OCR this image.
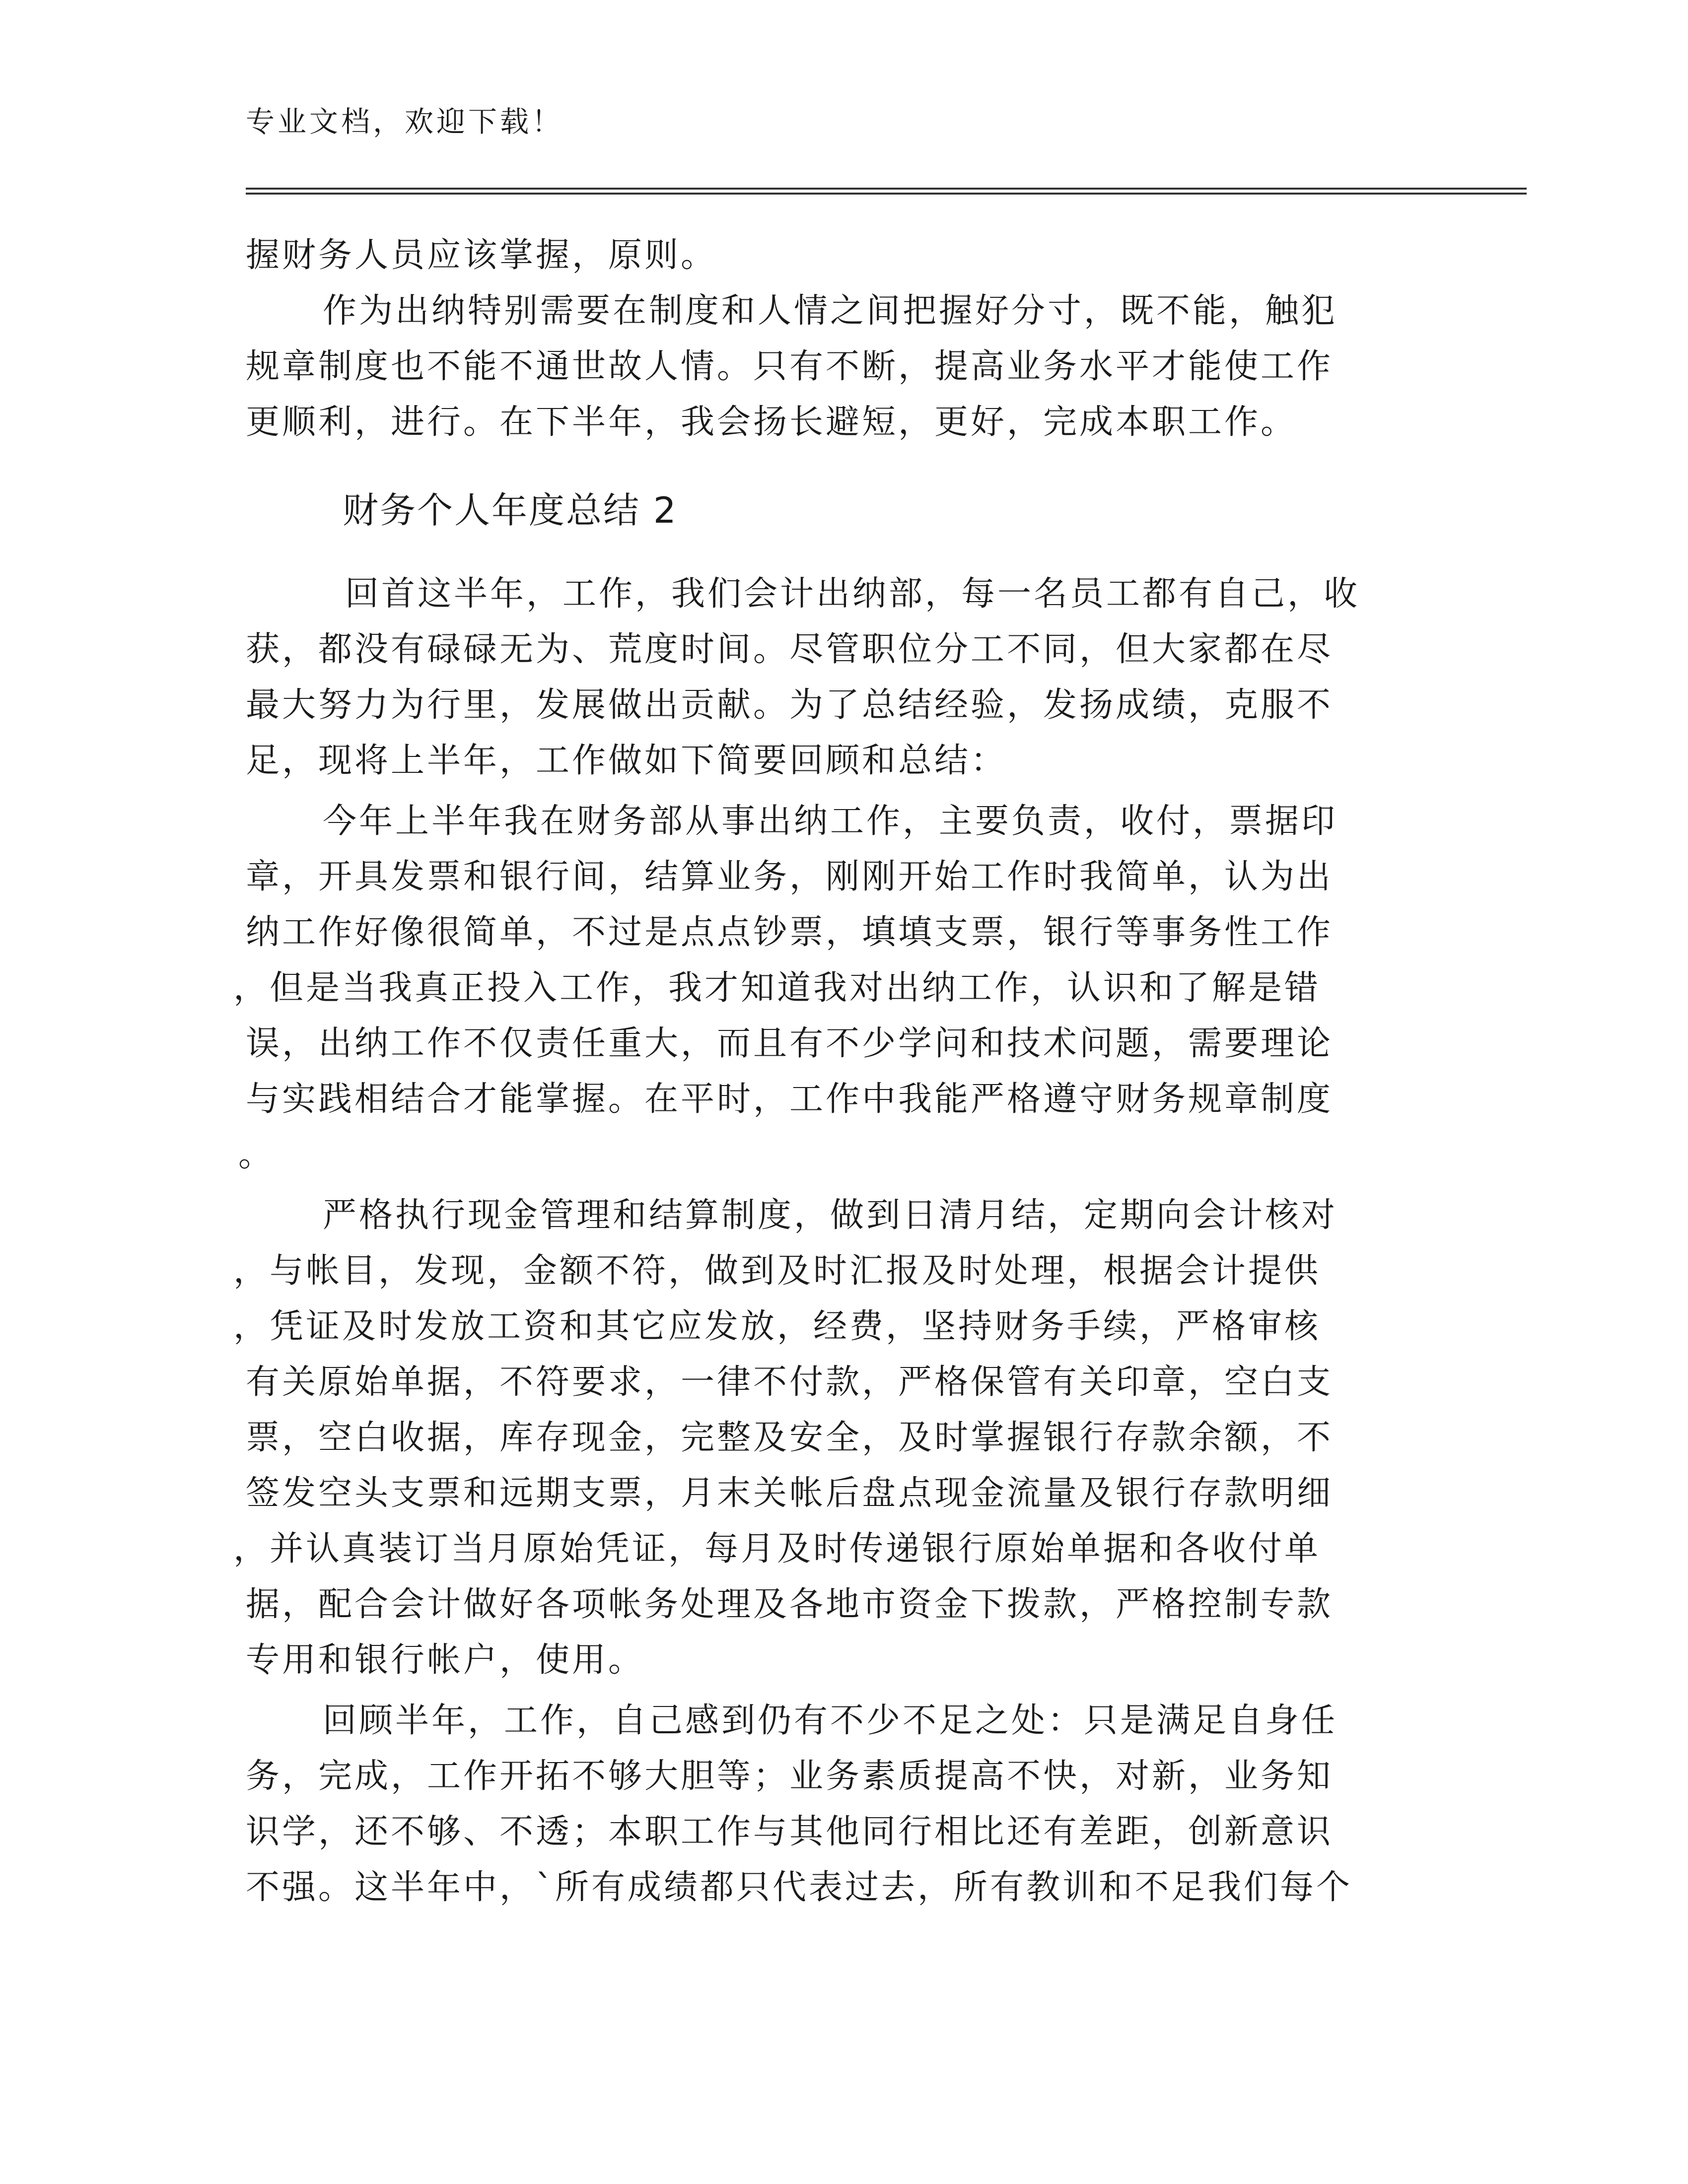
专业文档，欢迎下载！
握财务人员应该掌握，原则。
作为出纳特别需要在制度和人情之间把握好分寸，既不能，触犯
规章制度也不能不通世故人情。只有不断，提高业务水平才能使工作
更顺利，进行。在下半年，我会扬长避短，更好，完成本职工作。
财务个人年度总结 2
回首这半年，工作，我们会计出纳部，每一名员工都有自己，收
获，都没有碌碌无为、荒度时间。尽管职位分工不同，但大家都在尽
最大努力为行里，发展做出贡献。为了总结经验，发扬成绩，克服不
足，现将上半年，工作做如下简要回顾和总结：
今年上半年我在财务部从事出纳工作，主要负责，收付，票据印
章，开具发票和银行间，结算业务，刚刚开始工作时我简单，认为出
纳工作好像很简单，不过是点点钞票，填填支票，银行等事务性工作
，但是当我真正投入工作，我才知道我对出纳工作，认识和了解是错
误，出纳工作不仅责任重大，而且有不少学问和技术问题，需要理论
与实践相结合才能掌握。在平时，工作中我能严格遵守财务规章制度
。
严格执行现金管理和结算制度，做到日清月结，定期向会计核对
，与帐目，发现，金额不符，做到及时汇报及时处理，根据会计提供
，凭证及时发放工资和其它应发放，经费，坚持财务手续，严格审核
有关原始单据，不符要求，一律不付款，严格保管有关印章，空白支
票，空白收据，库存现金，完整及安全，及时掌握银行存款余额，不
签发空头支票和远期支票，月末关帐后盘点现金流量及银行存款明细
，并认真装订当月原始凭证，每月及时传递银行原始单据和各收付单
据，配合会计做好各项帐务处理及各地市资金下拨款，严格控制专款
专用和银行帐户，使用。
回顾半年，工作，自己感到仍有不少不足之处：只是满足自身任
务，完成，工作开拓不够大胆等；业务素质提高不快，对新，业务知
识学，还不够、不透；本职工作与其他同行相比还有差距，创新意识
不强。这半年中，`所有成绩都只代表过去，所有教训和不足我们每个
